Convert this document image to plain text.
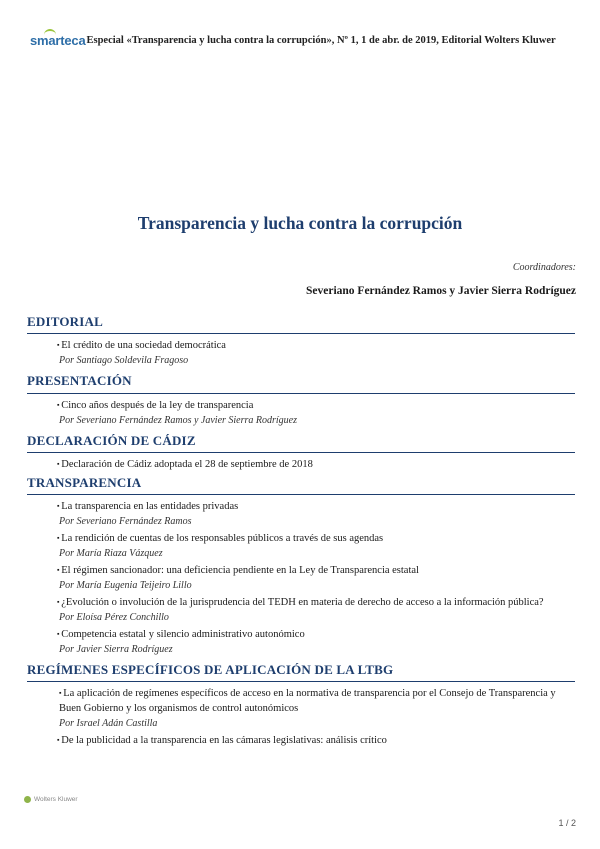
smarteca Especial «Transparencia y lucha contra la corrupción», Nº 1, 1 de abr. de 2019, Editorial Wolters Kluwer
Transparencia y lucha contra la corrupción
Coordinadores:
Severiano Fernández Ramos y Javier Sierra Rodríguez
EDITORIAL
▪ El crédito de una sociedad democrática
Por Santiago Soldevila Fragoso
PRESENTACIÓN
▪ Cinco años después de la ley de transparencia
Por Severiano Fernández Ramos y Javier Sierra Rodríguez
DECLARACIÓN DE CÁDIZ
▪ Declaración de Cádiz adoptada el 28 de septiembre de 2018
TRANSPARENCIA
▪ La transparencia en las entidades privadas
Por Severiano Fernández Ramos
▪ La rendición de cuentas de los responsables públicos a través de sus agendas
Por María Riaza Vázquez
▪ El régimen sancionador: una deficiencia pendiente en la Ley de Transparencia estatal
Por María Eugenia Teijeiro Lillo
▪ ¿Evolución o involución de la jurisprudencia del TEDH en materia de derecho de acceso a la información pública?
Por Eloísa Pérez Conchillo
▪ Competencia estatal y silencio administrativo autonómico
Por Javier Sierra Rodríguez
REGÍMENES ESPECÍFICOS DE APLICACIÓN DE LA LTBG
▪ La aplicación de regímenes específicos de acceso en la normativa de transparencia por el Consejo de Transparencia y Buen Gobierno y los organismos de control autonómicos
Por Israel Adán Castilla
▪ De la publicidad a la transparencia en las cámaras legislativas: análisis crítico
Wolters Kluwer
1 / 2
